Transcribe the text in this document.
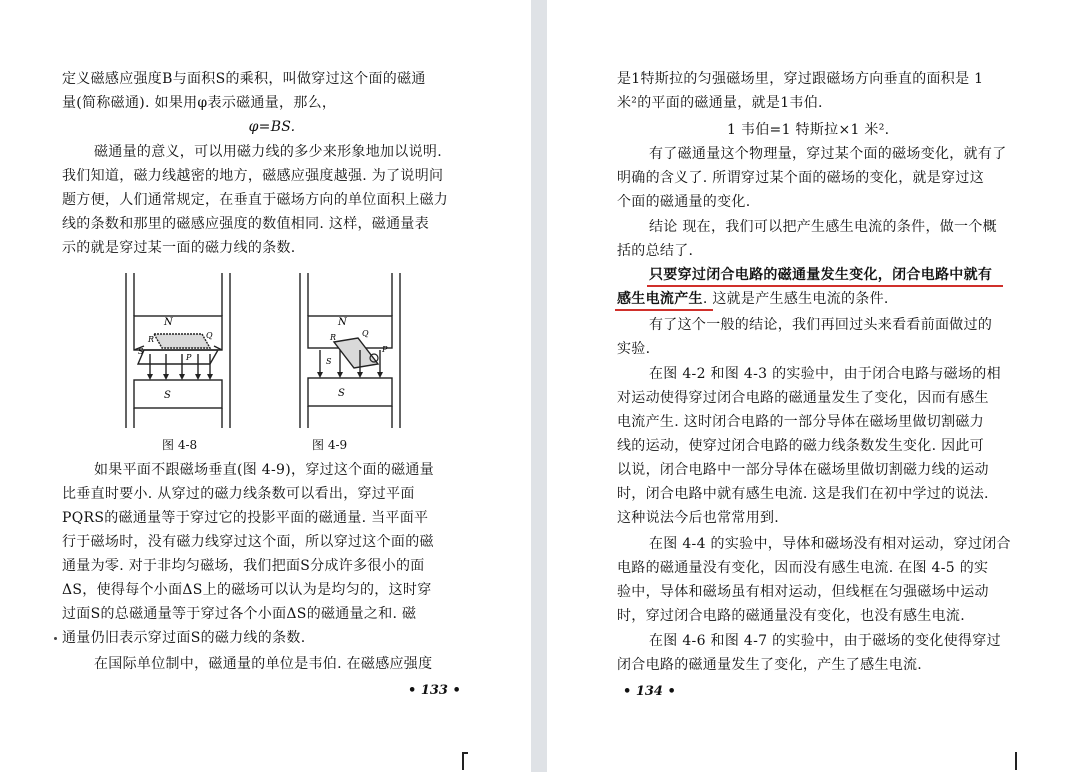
定义磁感应强度B与面积S的乘积，叫做穿过这个面的磁通
量(简称磁通). 如果用φ表示磁通量，那么，
φ=BS.
磁通量的意义，可以用磁力线的多少来形象地加以说明.
我们知道，磁力线越密的地方，磁感应强度越强. 为了说明问
题方便，人们通常规定，在垂直于磁场方向的单位面积上磁力
线的条数和那里的磁感应强度的数值相同. 这样，磁通量表
示的就是穿过某一面的磁力线的条数.
N
S
R	Q
S
P
图 4-8
N
S
R	Q
P
S
图 4-9
如果平面不跟磁场垂直(图 4-9)，穿过这个面的磁通量
比垂直时要小. 从穿过的磁力线条数可以看出，穿过平面
PQRS的磁通量等于穿过它的投影平面的磁通量. 当平面平
行于磁场时，没有磁力线穿过这个面，所以穿过这个面的磁
通量为零. 对于非均匀磁场，我们把面S分成许多很小的面
ΔS，使得每个小面ΔS上的磁场可以认为是均匀的，这时穿
过面S的总磁通量等于穿过各个小面ΔS的磁通量之和. 磁
通量仍旧表示穿过面S的磁力线的条数.
在国际单位制中，磁通量的单位是韦伯. 在磁感应强度
• 133 •
是1特斯拉的匀强磁场里，穿过跟磁场方向垂直的面积是 1
米²的平面的磁通量，就是1韦伯.
1 韦伯=1 特斯拉×1 米².
有了磁通量这个物理量，穿过某个面的磁场变化，就有了
明确的含义了. 所谓穿过某个面的磁场的变化，就是穿过这
个面的磁通量的变化.
结论 现在，我们可以把产生感生电流的条件，做一个概
括的总结了.
只要穿过闭合电路的磁通量发生变化，闭合电路中就有
感生电流产生. 这就是产生感生电流的条件.
有了这个一般的结论，我们再回过头来看看前面做过的
实验.
在图 4-2 和图 4-3 的实验中，由于闭合电路与磁场的相
对运动使得穿过闭合电路的磁通量发生了变化，因而有感生
电流产生. 这时闭合电路的一部分导体在磁场里做切割磁力
线的运动，使穿过闭合电路的磁力线条数发生变化. 因此可
以说，闭合电路中一部分导体在磁场里做切割磁力线的运动
时，闭合电路中就有感生电流. 这是我们在初中学过的说法.
这种说法今后也常常用到.
在图 4-4 的实验中，导体和磁场没有相对运动，穿过闭合
电路的磁通量没有变化，因而没有感生电流. 在图 4-5 的实
验中，导体和磁场虽有相对运动，但线框在匀强磁场中运动
时，穿过闭合电路的磁通量没有变化，也没有感生电流.
在图 4-6 和图 4-7 的实验中，由于磁场的变化使得穿过
闭合电路的磁通量发生了变化，产生了感生电流.
• 134 •
